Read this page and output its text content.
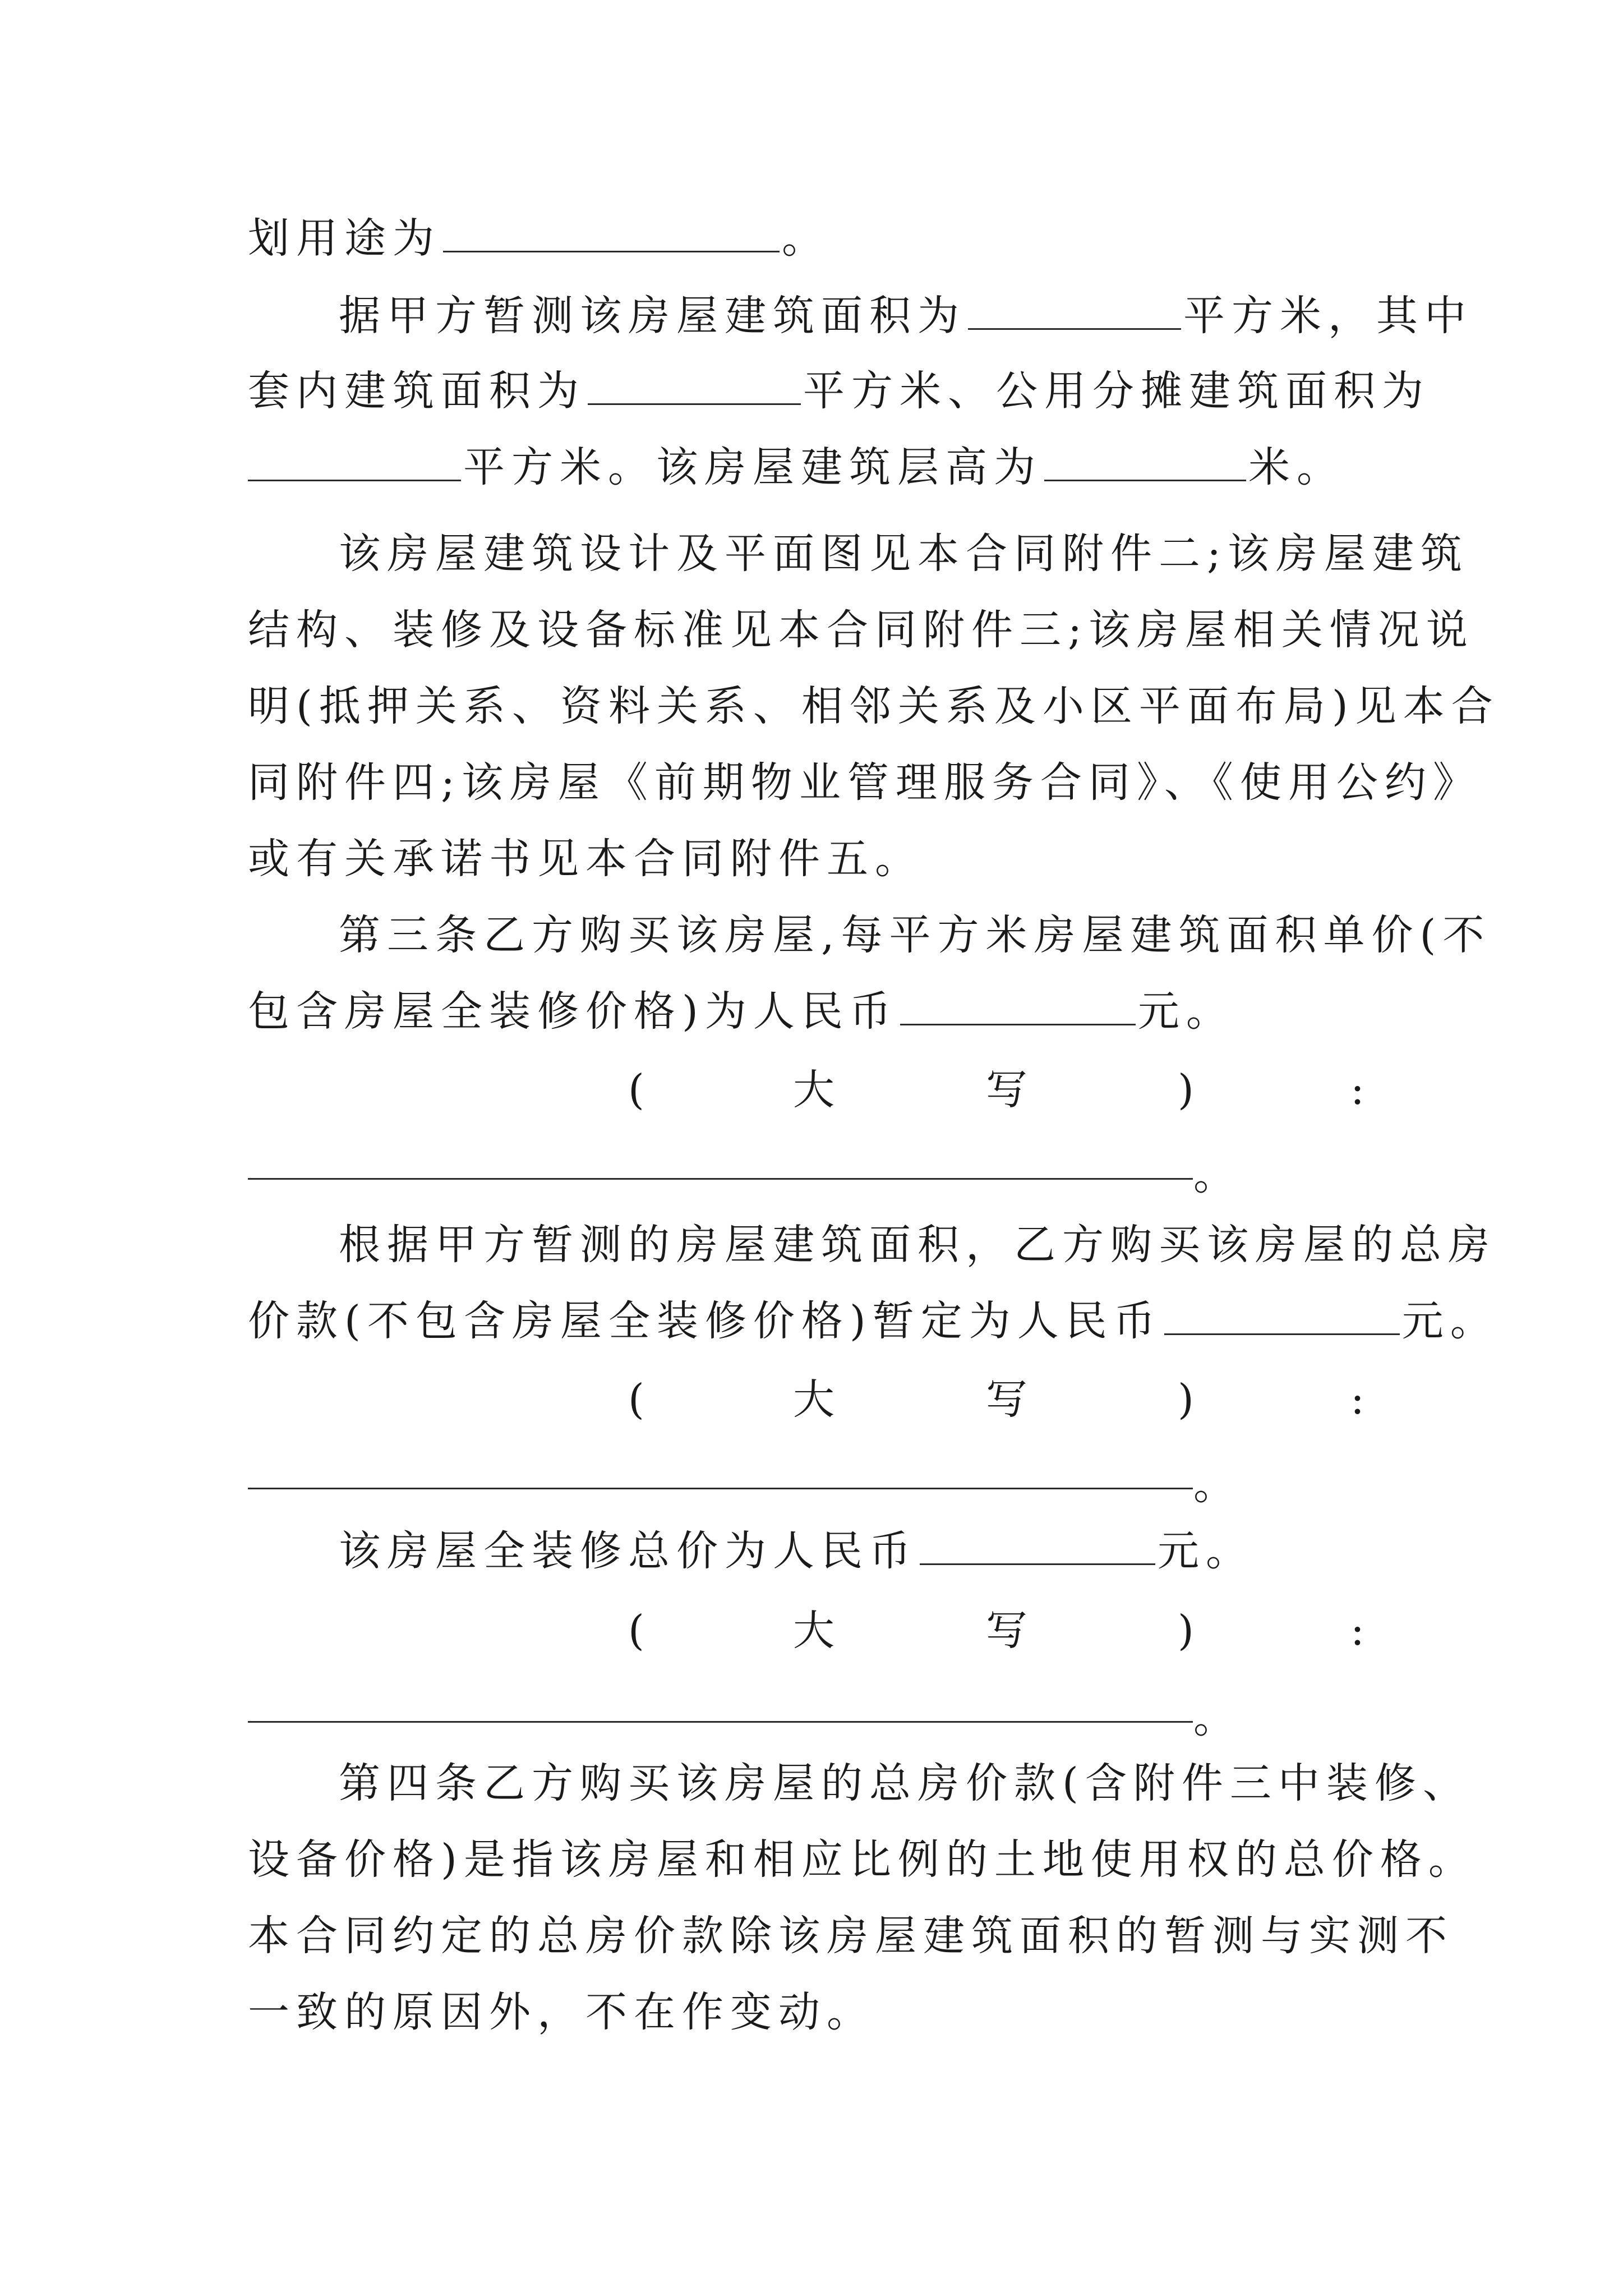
划用途为	。
据甲方暂测该房屋建筑面积为	平方米，其中
套内建筑面积为	平方米、公用分摊建筑面积为
平方米。该房屋建筑层高为	米。
该房屋建筑设计及平面图见本合同附件二;该房屋建筑
结构、装修及设备标准见本合同附件三;该房屋相关情况说
明(抵押关系、资料关系、相邻关系及小区平面布局)见本合
同附件四;该房屋《前期物业管理服务合同》、《使用公约》
或有关承诺书见本合同附件五。
第三条乙方购买该房屋,每平方米房屋建筑面积单价(不
包含房屋全装修价格)为人民币	元。
(	大	写	)	:
。
根据甲方暂测的房屋建筑面积，乙方购买该房屋的总房
价款(不包含房屋全装修价格)暂定为人民币	元。
(	大	写	)	:
。
该房屋全装修总价为人民币	元。
(	大	写	)	:
。
第四条乙方购买该房屋的总房价款(含附件三中装修、
设备价格)是指该房屋和相应比例的土地使用权的总价格。
本合同约定的总房价款除该房屋建筑面积的暂测与实测不
一致的原因外，不在作变动。
